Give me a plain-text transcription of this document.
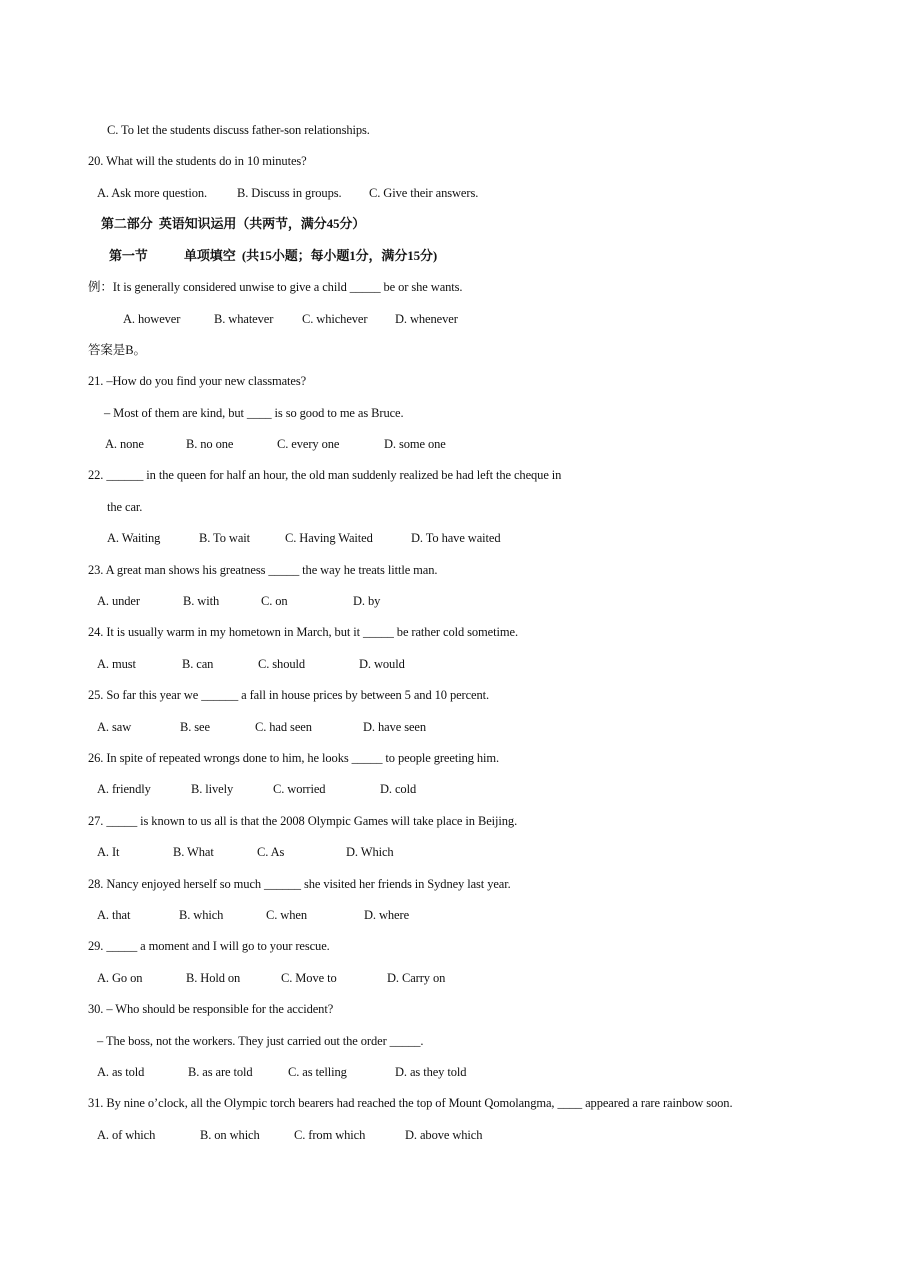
C. To let the students discuss father-son relationships.
20. What will the students do in 10 minutes?

A. Ask more question.

B. Discuss in groups.

C. Give their answers.

第二部分  英语知识运用（共两节，满分45分）
第一节	单项填空  (共15小题；每小题1分，满分15分)
例：It is generally considered unwise to give a child _____ be or she wants.

A. however

	B. whatever

C. whichever

D. whenever

答案是B。
21. –How do you find your new classmates?
– Most of them are kind, but ____ is so good to me as Bruce.

A. none

	B. no one

	C. every one

	D. some one

22. ______ in the queen for half an hour, the old man suddenly realized be had left the cheque in
the car.

A. Waiting

	B. To wait

	C. Having Waited

	D. To have waited

23. A great man shows his greatness _____ the way he treats little man.

A. under

	B. with

	C. on

	D. by

24. It is usually warm in my hometown in March, but it _____ be rather cold sometime.

A. must

	B. can

	C. should

	D. would

25. So far this year we ______ a fall in house prices by between 5 and 10 percent.

A. saw

	B. see

	C. had seen

	D. have seen

26. In spite of repeated wrongs done to him, he looks _____ to people greeting him.

A. friendly

	B. lively

	C. worried

	D. cold

27. _____ is known to us all is that the 2008 Olympic Games will take place in Beijing.

A. It

	B. What

	C. As

	D. Which

28. Nancy enjoyed herself so much ______ she visited her friends in Sydney last year.

A. that

	B. which

	C. when

	D. where

29. _____ a moment and I will go to your rescue.

A. Go on

	B. Hold on

	C. Move to

	D. Carry on

30. – Who should be responsible for the accident?
– The boss, not the workers. They just carried out the order _____.

A. as told

	B. as are told

	C. as telling

	D. as they told

31. By nine o’clock, all the Olympic torch bearers had reached the top of Mount Qomolangma, ____ appeared a rare rainbow soon.

A. of which

	B. on which

	C. from which

	D. above which
